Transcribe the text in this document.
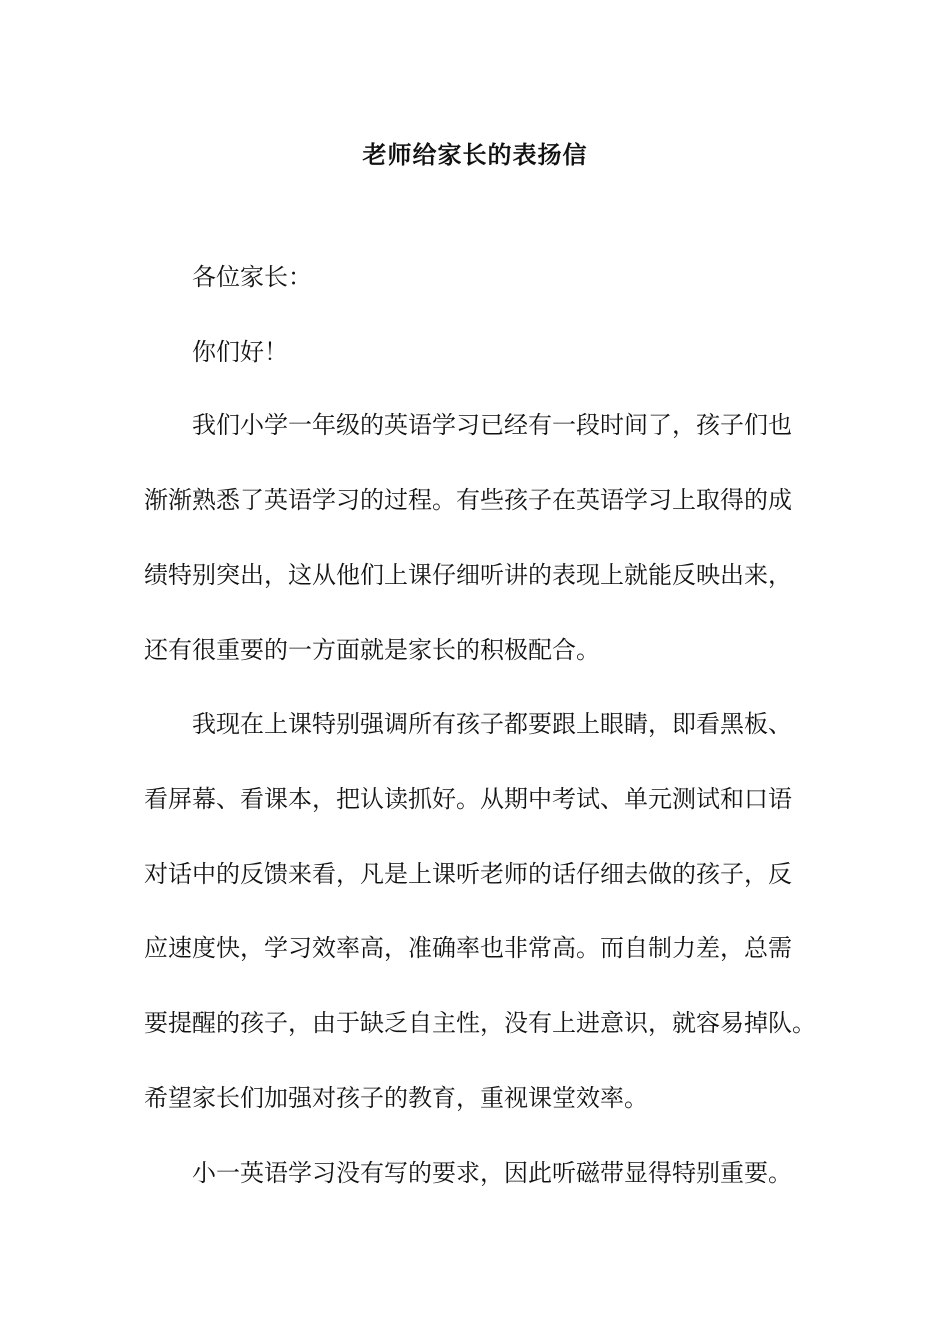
老师给家长的表扬信
各位家长：
你们好！
我们小学一年级的英语学习已经有一段时间了，孩子们也
渐渐熟悉了英语学习的过程。有些孩子在英语学习上取得的成
绩特别突出，这从他们上课仔细听讲的表现上就能反映出来，
还有很重要的一方面就是家长的积极配合。
我现在上课特别强调所有孩子都要跟上眼睛，即看黑板、
看屏幕、看课本，把认读抓好。从期中考试、单元测试和口语
对话中的反馈来看，凡是上课听老师的话仔细去做的孩子，反
应速度快，学习效率高，准确率也非常高。而自制力差，总需
要提醒的孩子，由于缺乏自主性，没有上进意识，就容易掉队。
希望家长们加强对孩子的教育，重视课堂效率。
小一英语学习没有写的要求，因此听磁带显得特别重要。
